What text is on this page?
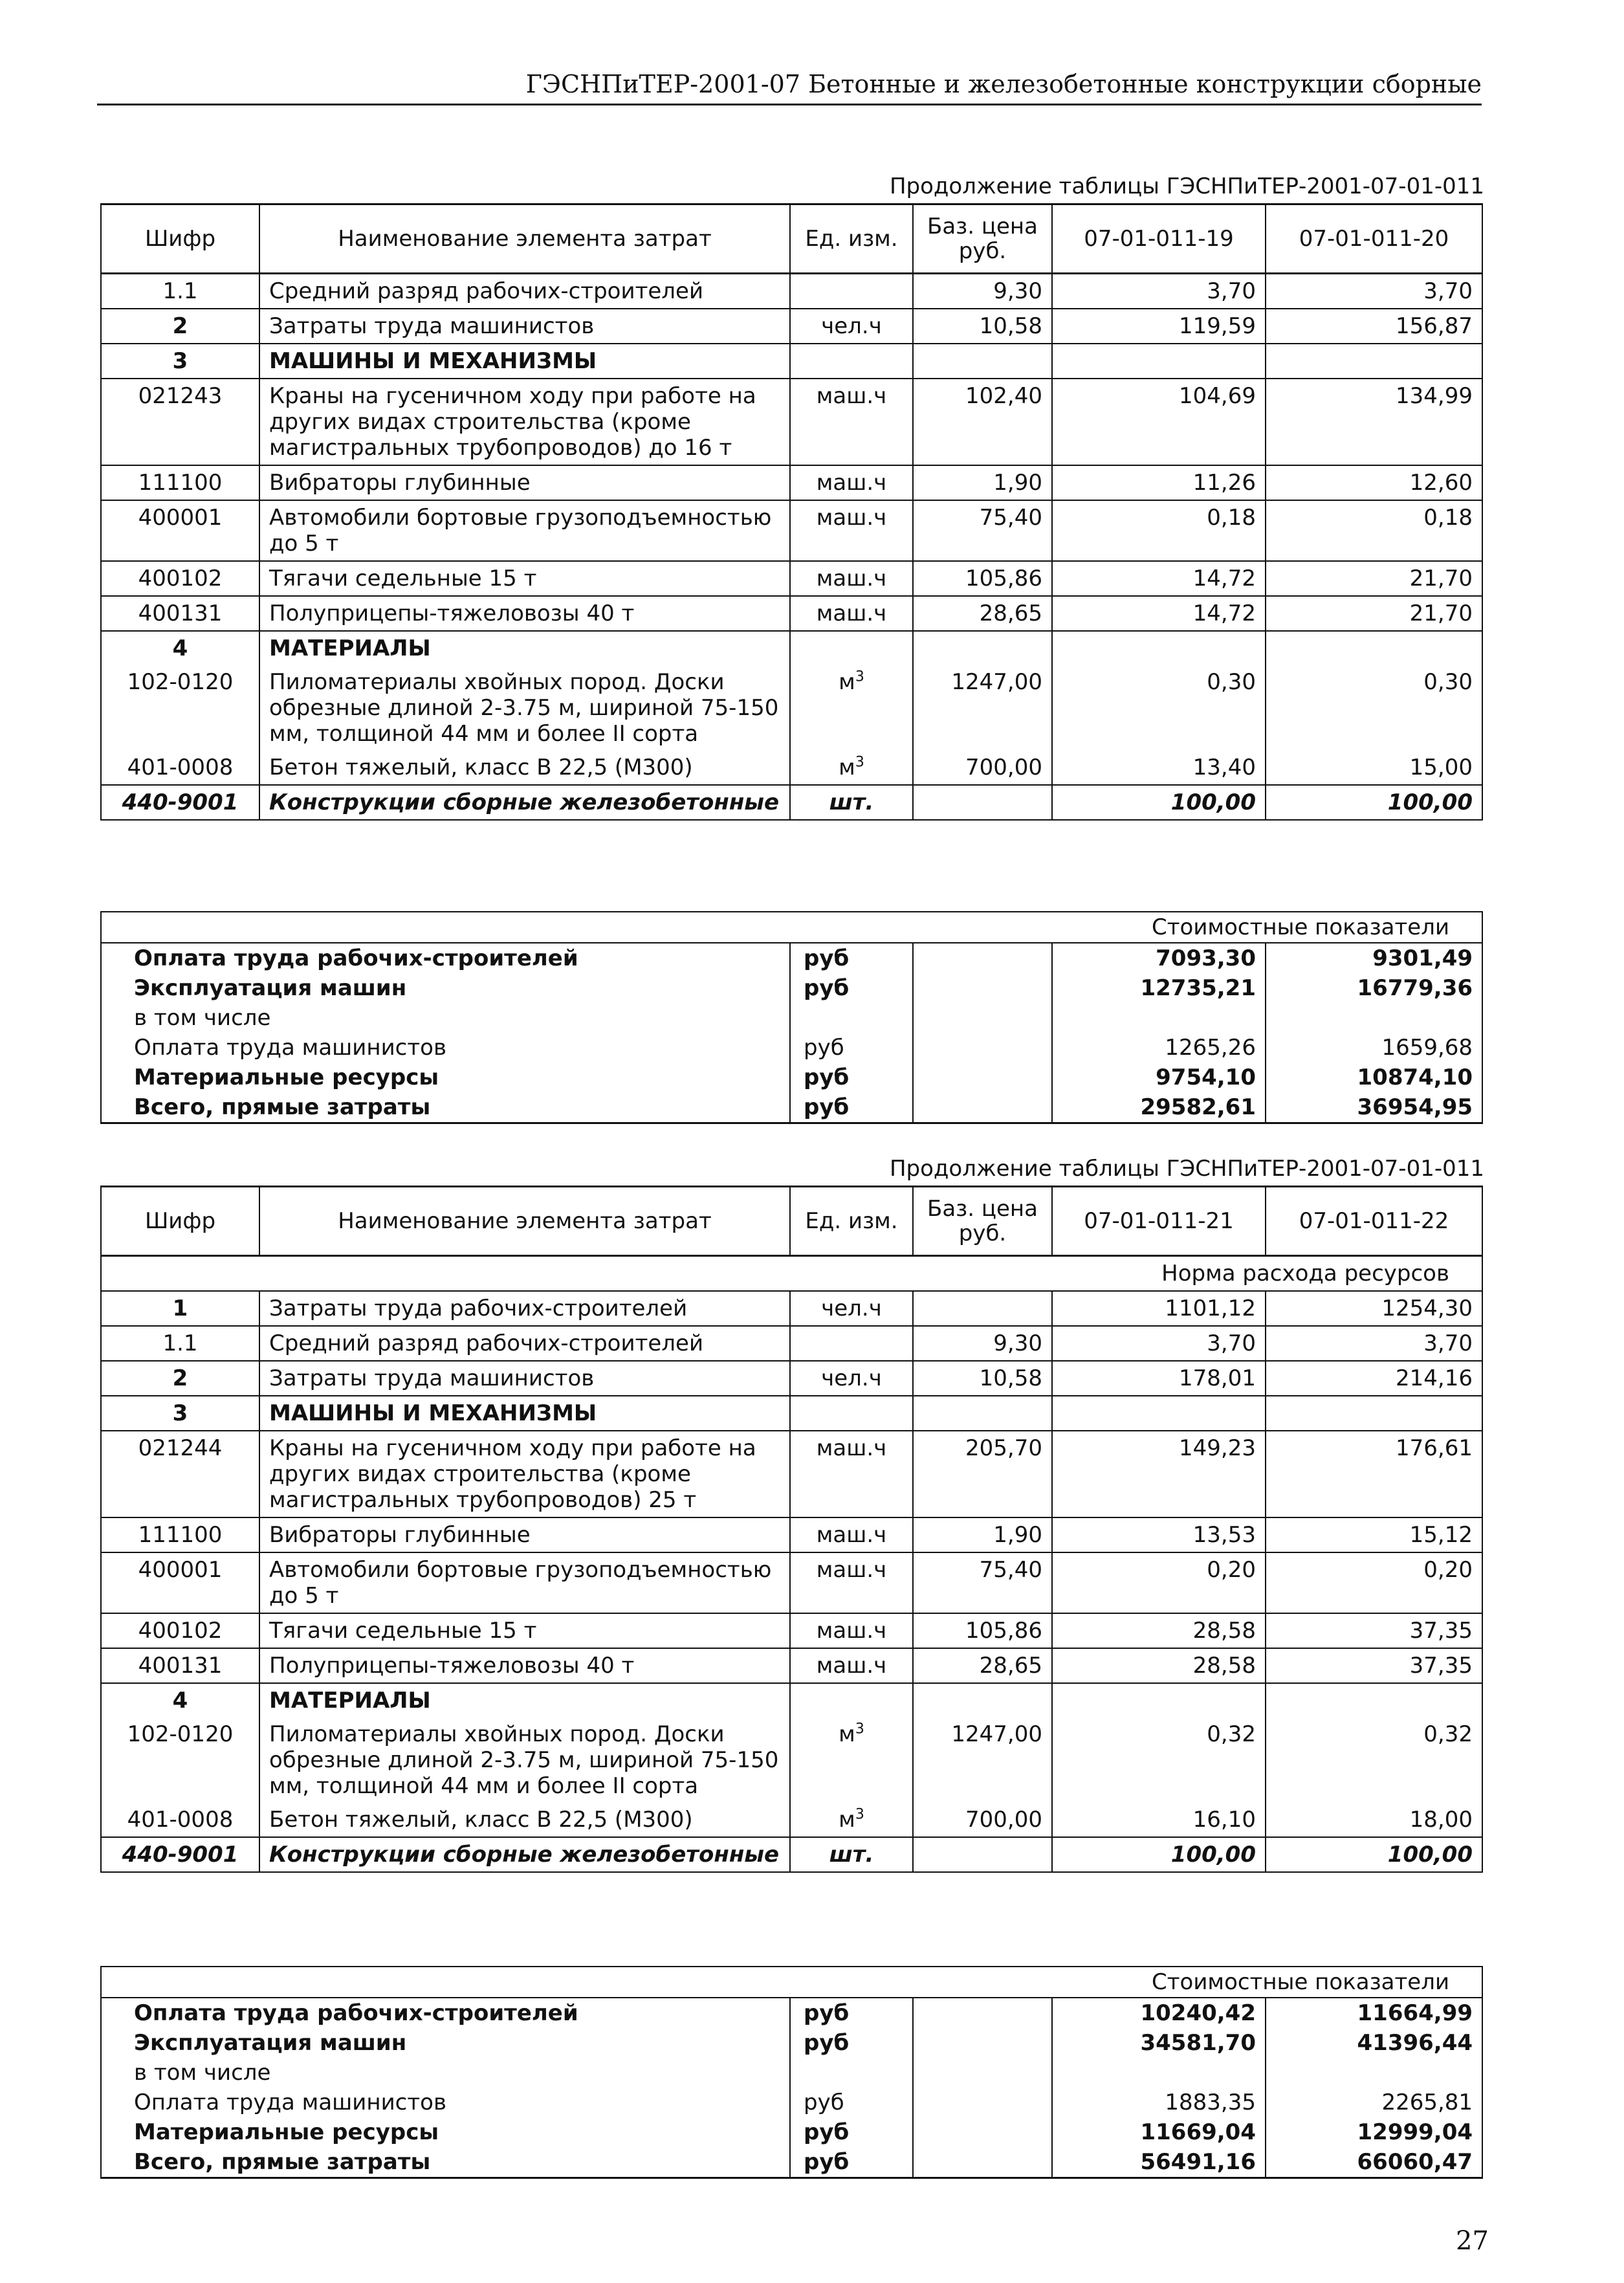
ГЭСНПиТЕР-2001-07 Бетонные и железобетонные конструкции сборные
Продолжение таблицы ГЭСНПиТЕР-2001-07-01-011
Шифр	Наименование элемента затрат	Ед. изм.	Баз. цена руб.	07-01-011-19	07-01-011-20
1.1	Средний разряд рабочих-строителей		9,30	3,70	3,70
2	Затраты труда машинистов	чел.ч	10,58	119,59	156,87
3	МАШИНЫ И МЕХАНИЗМЫ				
021243	Краны на гусеничном ходу при работе на других видах строительства (кроме магистральных трубопроводов) до 16 т	маш.ч	102,40	104,69	134,99
111100	Вибраторы глубинные	маш.ч	1,90	11,26	12,60
400001	Автомобили бортовые грузоподъемностью до 5 т	маш.ч	75,40	0,18	0,18
400102	Тягачи седельные 15 т	маш.ч	105,86	14,72	21,70
400131	Полуприцепы-тяжеловозы 40 т	маш.ч	28,65	14,72	21,70
4	МАТЕРИАЛЫ				
102-0120	Пиломатериалы хвойных пород. Доски обрезные длиной 2-3.75 м, шириной 75-150 мм, толщиной 44 мм и более II сорта	$м^3$	1247,00	0,30	0,30
401-0008	Бетон тяжелый, класс В 22,5 (М300)	$м^3$	700,00	13,40	15,00
440-9001	Конструкции сборные железобетонные	шт.		100,00	100,00
Стоимостные показатели				
Оплата труда рабочих-строителей	руб		7093,30	9301,49
Эксплуатация машин	руб		12735,21	16779,36
в том числе				
Оплата труда машинистов	руб		1265,26	1659,68
Материальные ресурсы	руб		9754,10	10874,10
Всего, прямые затраты	руб		29582,61	36954,95
Продолжение таблицы ГЭСНПиТЕР-2001-07-01-011
Шифр	Наименование элемента затрат	Ед. изм.	Баз. цена руб.	07-01-011-21	07-01-011-22
Норма расхода ресурсов					
1	Затраты труда рабочих-строителей	чел.ч		1101,12	1254,30
1.1	Средний разряд рабочих-строителей		9,30	3,70	3,70
2	Затраты труда машинистов	чел.ч	10,58	178,01	214,16
3	МАШИНЫ И МЕХАНИЗМЫ				
021244	Краны на гусеничном ходу при работе на других видах строительства (кроме магистральных трубопроводов) 25 т	маш.ч	205,70	149,23	176,61
111100	Вибраторы глубинные	маш.ч	1,90	13,53	15,12
400001	Автомобили бортовые грузоподъемностью до 5 т	маш.ч	75,40	0,20	0,20
400102	Тягачи седельные 15 т	маш.ч	105,86	28,58	37,35
400131	Полуприцепы-тяжеловозы 40 т	маш.ч	28,65	28,58	37,35
4	МАТЕРИАЛЫ				
102-0120	Пиломатериалы хвойных пород. Доски обрезные длиной 2-3.75 м, шириной 75-150 мм, толщиной 44 мм и более II сорта	$м^3$	1247,00	0,32	0,32
401-0008	Бетон тяжелый, класс В 22,5 (М300)	$м^3$	700,00	16,10	18,00
440-9001	Конструкции сборные железобетонные	шт.		100,00	100,00
Стоимостные показатели				
Оплата труда рабочих-строителей	руб		10240,42	11664,99
Эксплуатация машин	руб		34581,70	41396,44
в том числе				
Оплата труда машинистов	руб		1883,35	2265,81
Материальные ресурсы	руб		11669,04	12999,04
Всего, прямые затраты	руб		56491,16	66060,47
27
